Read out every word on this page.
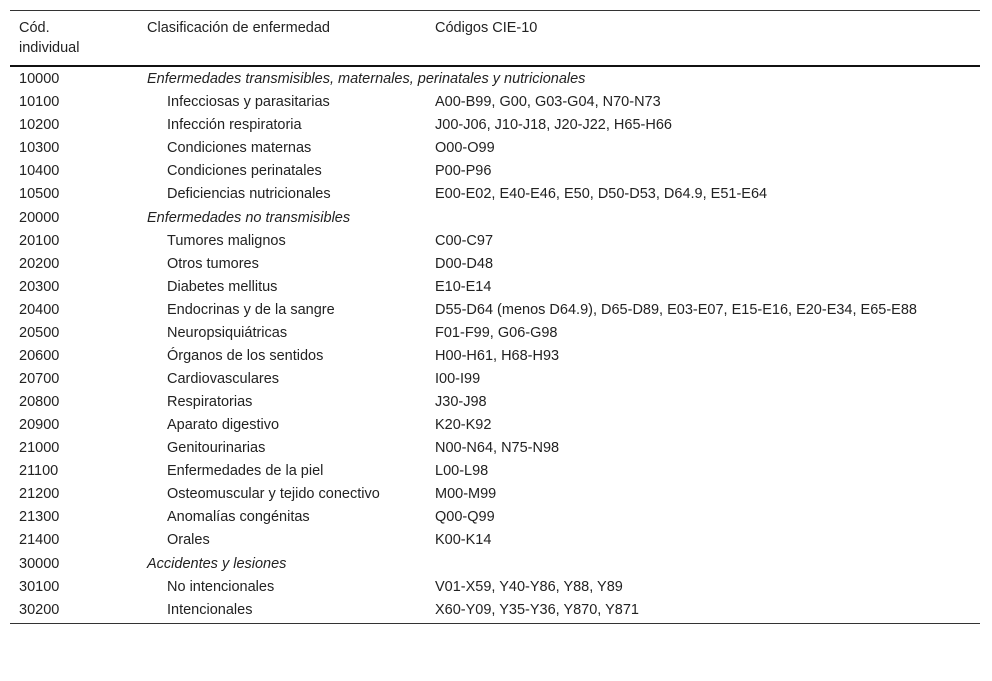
Cód.
individual	Clasificación de enfermedad	Códigos CIE-10
10000	Enfermedades transmisibles, maternales, perinatales y nutricionales	
10100	Infecciosas y parasitarias	A00-B99, G00, G03-G04, N70-N73
10200	Infección respiratoria	J00-J06, J10-J18, J20-J22, H65-H66
10300	Condiciones maternas	O00-O99
10400	Condiciones perinatales	P00-P96
10500	Deficiencias nutricionales	E00-E02, E40-E46, E50, D50-D53, D64.9, E51-E64
20000	Enfermedades no transmisibles	
20100	Tumores malignos	C00-C97
20200	Otros tumores	D00-D48
20300	Diabetes mellitus	E10-E14
20400	Endocrinas y de la sangre	D55-D64 (menos D64.9), D65-D89, E03-E07, E15-E16, E20-E34, E65-E88
20500	Neuropsiquiátricas	F01-F99, G06-G98
20600	Órganos de los sentidos	H00-H61, H68-H93
20700	Cardiovasculares	I00-I99
20800	Respiratorias	J30-J98
20900	Aparato digestivo	K20-K92
21000	Genitourinarias	N00-N64, N75-N98
21100	Enfermedades de la piel	L00-L98
21200	Osteomuscular y tejido conectivo	M00-M99
21300	Anomalías congénitas	Q00-Q99
21400	Orales	K00-K14
30000	Accidentes y lesiones	
30100	No intencionales	V01-X59, Y40-Y86, Y88, Y89
30200	Intencionales	X60-Y09, Y35-Y36, Y870, Y871
